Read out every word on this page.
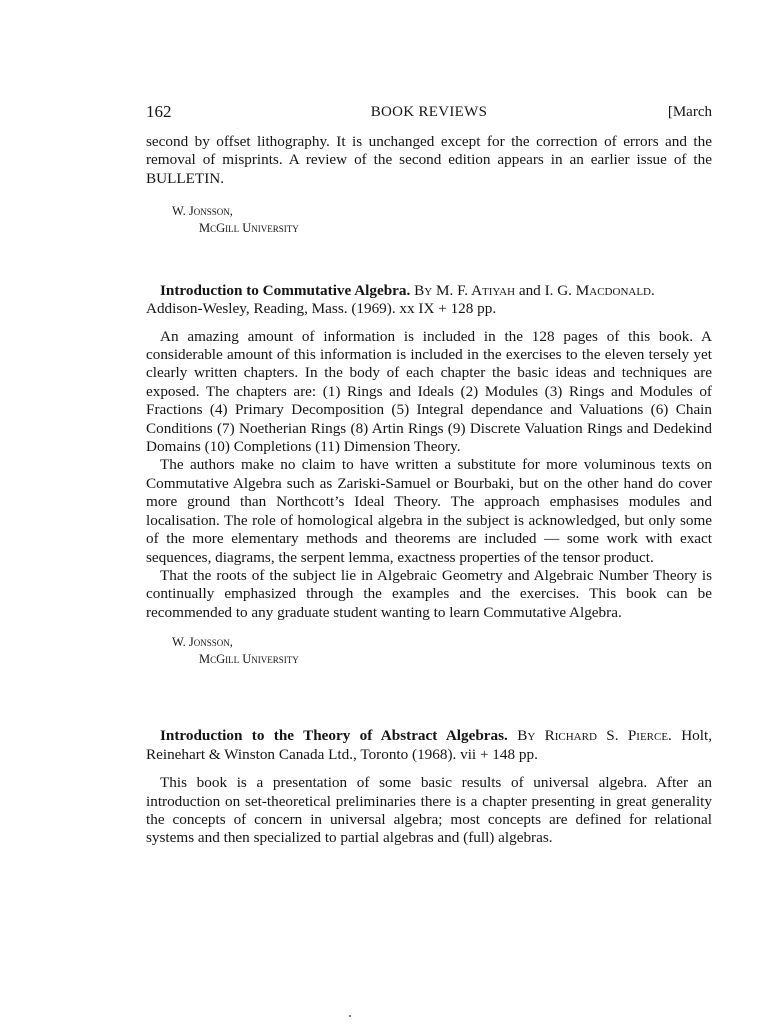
162	BOOK REVIEWS	[March

second by offset lithography. It is unchanged except for the correction of errors and the removal of misprints. A review of the second edition appears in an earlier issue of the BULLETIN.

W. Jonsson,
McGill University
Introduction to Commutative Algebra. By M. F. Atiyah and I. G. Macdonald.

Addison-Wesley, Reading, Mass. (1969). xx IX + 128 pp.

An amazing amount of information is included in the 128 pages of this book. A considerable amount of this information is included in the exercises to the eleven tersely yet clearly written chapters. In the body of each chapter the basic ideas and techniques are exposed. The chapters are: (1) Rings and Ideals (2) Modules (3) Rings and Modules of Fractions (4) Primary Decomposition (5) Integral dependance and Valuations (6) Chain Conditions (7) Noetherian Rings (8) Artin Rings (9) Discrete Valuation Rings and Dedekind Domains (10) Completions (11) Dimension Theory.

The authors make no claim to have written a substitute for more voluminous texts on Commutative Algebra such as Zariski-Samuel or Bourbaki, but on the other hand do cover more ground than Northcott’s Ideal Theory. The approach emphasises modules and localisation. The role of homological algebra in the subject is acknowledged, but only some of the more elementary methods and theorems are included — some work with exact sequences, diagrams, the serpent lemma, exactness properties of the tensor product.

That the roots of the subject lie in Algebraic Geometry and Algebraic Number Theory is continually emphasized through the examples and the exercises. This book can be recommended to any graduate student wanting to learn Commutative Algebra.

W. Jonsson,
McGill University
Introduction to the Theory of Abstract Algebras. By Richard S. Pierce. Holt, Reinehart & Winston Canada Ltd., Toronto (1968). vii + 148 pp.

This book is a presentation of some basic results of universal algebra. After an introduction on set-theoretical preliminaries there is a chapter presenting in great generality the concepts of concern in universal algebra; most concepts are defined for relational systems and then specialized to partial algebras and (full) algebras.
